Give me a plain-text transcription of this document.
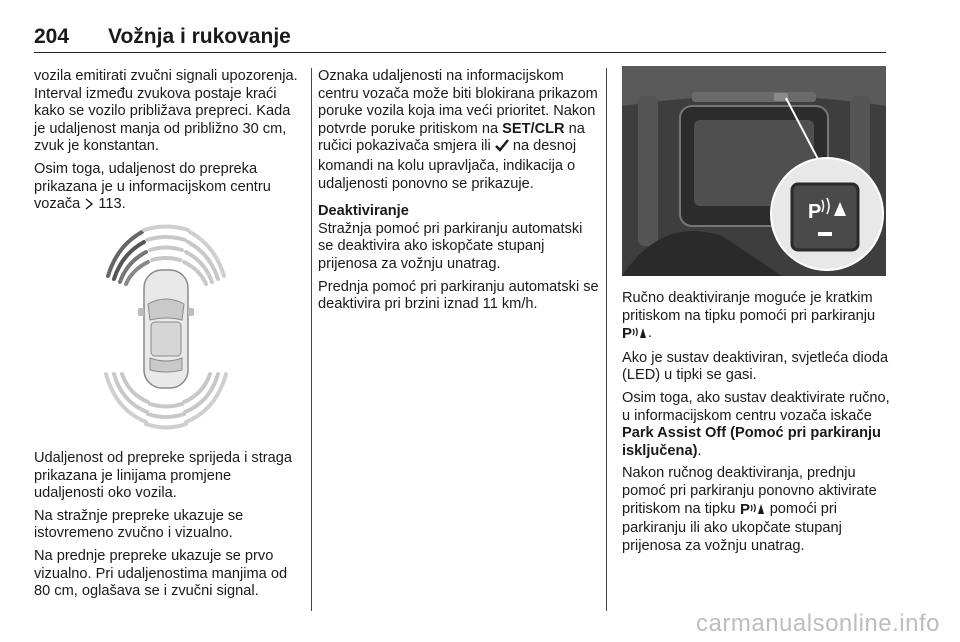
204 Vožnja i rukovanje

vozila emitirati zvučni signali upozorenja. Interval između zvukova postaje kraći kako se vozilo približava prepreci. Kada je udaljenost manja od približno 30 cm, zvuk je konstantan.

Osim toga, udaljenost do prepreka prikazana je u informacijskom centru vozača 113.

Udaljenost od prepreke sprijeda i straga prikazana je linijama promjene udaljenosti oko vozila.

Na stražnje prepreke ukazuje se istovremeno zvučno i vizualno.

Na prednje prepreke ukazuje se prvo vizualno. Pri udaljenostima manjima od 80 cm, oglašava se i zvučni signal.

Oznaka udaljenosti na informacijskom centru vozača može biti blokirana prikazom poruke vozila koja ima veći prioritet. Nakon potvrde poruke pritiskom na SET/CLR na ručici pokazivača smjera ili na desnoj komandi na kolu upravljača, indikacija o udaljenosti ponovno se prikazuje.

Deaktiviranje

Stražnja pomoć pri parkiranju automatski se deaktivira ako iskopčate stupanj prijenosa za vožnju unatrag.

Prednja pomoć pri parkiranju automatski se deaktivira pri brzini iznad 11 km/h.

P

Ručno deaktiviranje moguće je kratkim pritiskom na tipku pomoći pri parkiranju
P .

Ako je sustav deaktiviran, svjetleća dioda (LED) u tipki se gasi.

Osim toga, ako sustav deaktivirate ručno, u informacijskom centru vozača iskače Park Assist Off (Pomoć pri parkiranju isključena).

Nakon ručnog deaktiviranja, prednju pomoć pri parkiranju ponovno aktivirate pritiskom na tipku P pomoći pri parkiranju ili ako ukopčate stupanj prijenosa za vožnju unatrag.

carmanualsonline.info
